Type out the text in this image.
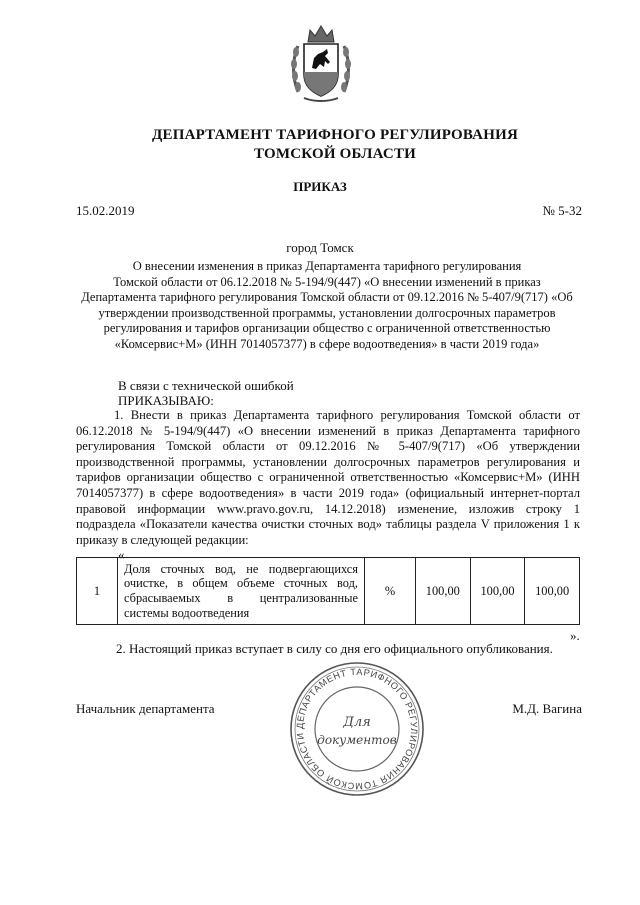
ДЕПАРТАМЕНТ ТАРИФНОГО РЕГУЛИРОВАНИЯ
ТОМСКОЙ ОБЛАСТИ
ПРИКАЗ
15.02.2019	№ 5-32
город Томск
О внесении изменения в приказ Департамента тарифного регулирования
Томской области от 06.12.2018 № 5-194/9(447) «О внесении изменений в приказ
Департамента тарифного регулирования Томской области от 09.12.2016 № 5-407/9(717) «Об
утверждении производственной программы, установлении долгосрочных параметров
регулирования и тарифов организации общество с ограниченной ответственностью
«Комсервис+М» (ИНН 7014057377) в сфере водоотведения» в части 2019 года»
В связи с технической ошибкой
ПРИКАЗЫВАЮ:
1. Внести в приказ Департамента тарифного регулирования Томской области от 06.12.2018 № 5-194/9(447) «О внесении изменений в приказ Департамента тарифного регулирования Томской области от 09.12.2016 № 5-407/9(717) «Об утверждении производственной программы, установлении долгосрочных параметров регулирования и тарифов организации общество с ограниченной ответственностью «Комсервис+М» (ИНН 7014057377) в сфере водоотведения» в части 2019 года» (официальный интернет-портал правовой информации www.pravo.gov.ru, 14.12.2018) изменение, изложив строку 1 подраздела «Показатели качества очистки сточных вод» таблицы раздела V приложения 1 к приказу в следующей редакции:
«
1	Доля сточных вод, не подвергающихся очистке, в общем объеме сточных вод, сбрасываемых в централизованные системы водоотведения	%	100,00	100,00	100,00
».
2. Настоящий приказ вступает в силу со дня его официального опубликования.
Начальник департамента	М.Д. Вагина
ДЕПАРТАМЕНТ ТАРИФНОГО РЕГУЛИРОВАНИЯ ТОМСКОЙ ОБЛАСТИ
Для
документов
